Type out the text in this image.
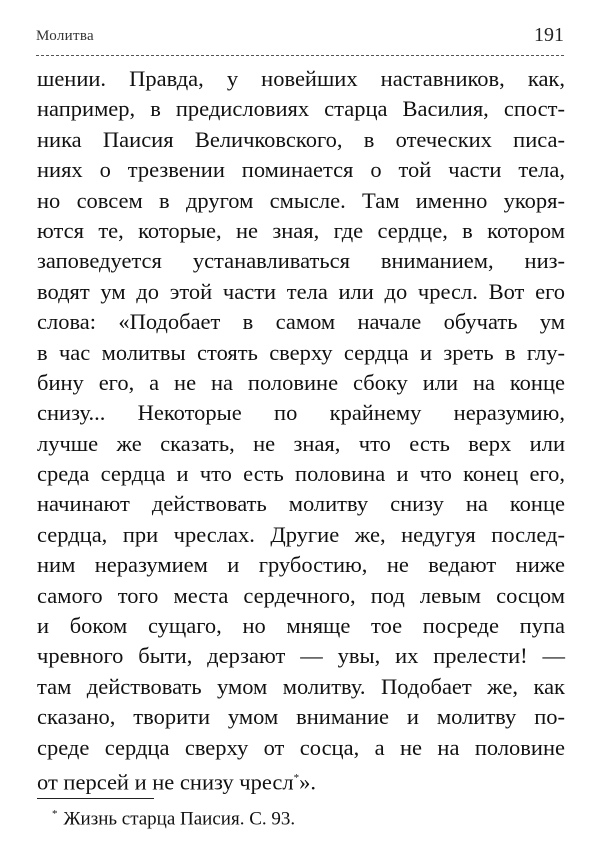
Молитва	191
шении. Правда, у новейших наставников, как,
например, в предисловиях старца Василия, спост-
ника Паисия Величковского, в отеческих писа-
ниях о трезвении поминается о той части тела,
но совсем в другом смысле. Там именно укоря-
ются те, которые, не зная, где сердце, в котором
заповедуется устанавливаться вниманием, низ-
водят ум до этой части тела или до чресл. Вот его
слова: «Подобает в самом начале обучать ум
в час молитвы стоять сверху сердца и зреть в глу-
бину его, а не на половине сбоку или на конце
снизу... Некоторые по крайнему неразумию,
лучше же сказать, не зная, что есть верх или
среда сердца и что есть половина и что конец его,
начинают действовать молитву снизу на конце
сердца, при чреслах. Другие же, недугуя послед-
ним неразумием и грубостию, не ведают ниже
самого того места сердечного, под левым сосцом
и боком сущаго, но мняще тое посреде пупа
чревного быти, дерзают — увы, их прелести! —
там действовать умом молитву. Подобает же, как
сказано, творити умом внимание и молитву по-
среде сердца сверху от сосца, а не на половине
от персей и не снизу чресл*».
* Жизнь старца Паисия. С. 93.
